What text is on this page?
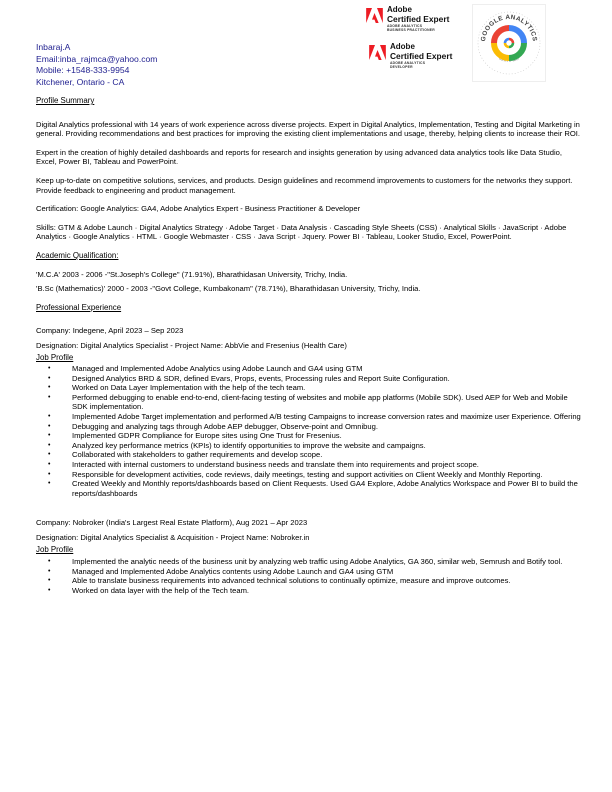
Inbaraj.A
Email:inba_rajmca@yahoo.com
Mobile: +1548-333-9954
Kitchener, Ontario - CA
Adobe
Certified Expert
ADOBE ANALYTICS
BUSINESS PRACTITIONER
Adobe
Certified Expert
ADOBE ANALYTICS
DEVELOPER
GOOGLE ANALYTICS
CERTIFIED
Profile Summary

Digital Analytics professional with 14 years of work experience across diverse projects. Expert in Digital Analytics, Implementation, Testing and Digital Marketing in general. Providing recommendations and best practices for improving the existing client implementations and usage, thereby, helping clients to increase their ROI.

Expert in the creation of highly detailed dashboards and reports for research and insights generation by using advanced data analytics tools like Data Studio, Excel, Power BI, Tableau and PowerPoint.

Keep up-to-date on competitive solutions, services, and products. Design guidelines and recommend improvements to customers for the networks they support. Provide feedback to engineering and product management.

Certification: Google Analytics: GA4, Adobe Analytics Expert - Business Practitioner & Developer

Skills: GTM & Adobe Launch · Digital Analytics Strategy · Adobe Target · Data Analysis · Cascading Style Sheets (CSS) · Analytical Skills · JavaScript · Adobe Analytics · Google Analytics · HTML · Google Webmaster · CSS · Java Script · Jquery. Power BI · Tableau, Looker Studio, Excel, PowerPoint.

Academic Qualification:

'M.C.A' 2003 - 2006 -"St.Joseph's College" (71.91%), Bharathidasan University, Trichy, India.

'B.Sc (Mathematics)' 2000 - 2003 -"Govt College, Kumbakonam" (78.71%), Bharathidasan University, Trichy, India.

Professional Experience

Company: Indegene, April 2023 – Sep 2023

Designation: Digital Analytics Specialist - Project Name: AbbVie and Fresenius (Health Care)

Job Profile
• Managed and Implemented Adobe Analytics using Adobe Launch and GA4 using GTM
• Designed Analytics BRD & SDR, defined Evars, Props, events, Processing rules and Report Suite Configuration.
• Worked on Data Layer Implementation with the help of the tech team.
• Performed debugging to enable end-to-end, client-facing testing of websites and mobile app platforms (Mobile SDK). Used AEP for Web and Mobile SDK implementation.
• Implemented Adobe Target implementation and performed A/B testing Campaigns to increase conversion rates and maximize user Experience. Offering
• Debugging and analyzing tags through Adobe AEP debugger, Observe-point and Omnibug.
• Implemented GDPR Compliance for Europe sites using One Trust for Fresenius.
• Analyzed key performance metrics (KPIs) to identify opportunities to improve the website and campaigns.
• Collaborated with stakeholders to gather requirements and develop scope.
• Interacted with internal customers to understand business needs and translate them into requirements and project scope.
• Responsible for development activities, code reviews, daily meetings, testing and support activities on Client Weekly and Monthly Reporting.
• Created Weekly and Monthly reports/dashboards based on Client Requests. Used GA4 Explore, Adobe Analytics Workspace and Power BI to build the reports/dashboards

Company: Nobroker (India's Largest Real Estate Platform), Aug 2021 – Apr 2023

Designation: Digital Analytics Specialist & Acquisition - Project Name: Nobroker.in

Job Profile
• Implemented the analytic needs of the business unit by analyzing web traffic using Adobe Analytics, GA 360, similar web, Semrush and Botify tool.
• Managed and Implemented Adobe Analytics contents using Adobe Launch and GA4 using GTM
• Able to translate business requirements into advanced technical solutions to continually optimize, measure and improve outcomes.
• Worked on data layer with the help of the Tech team.
